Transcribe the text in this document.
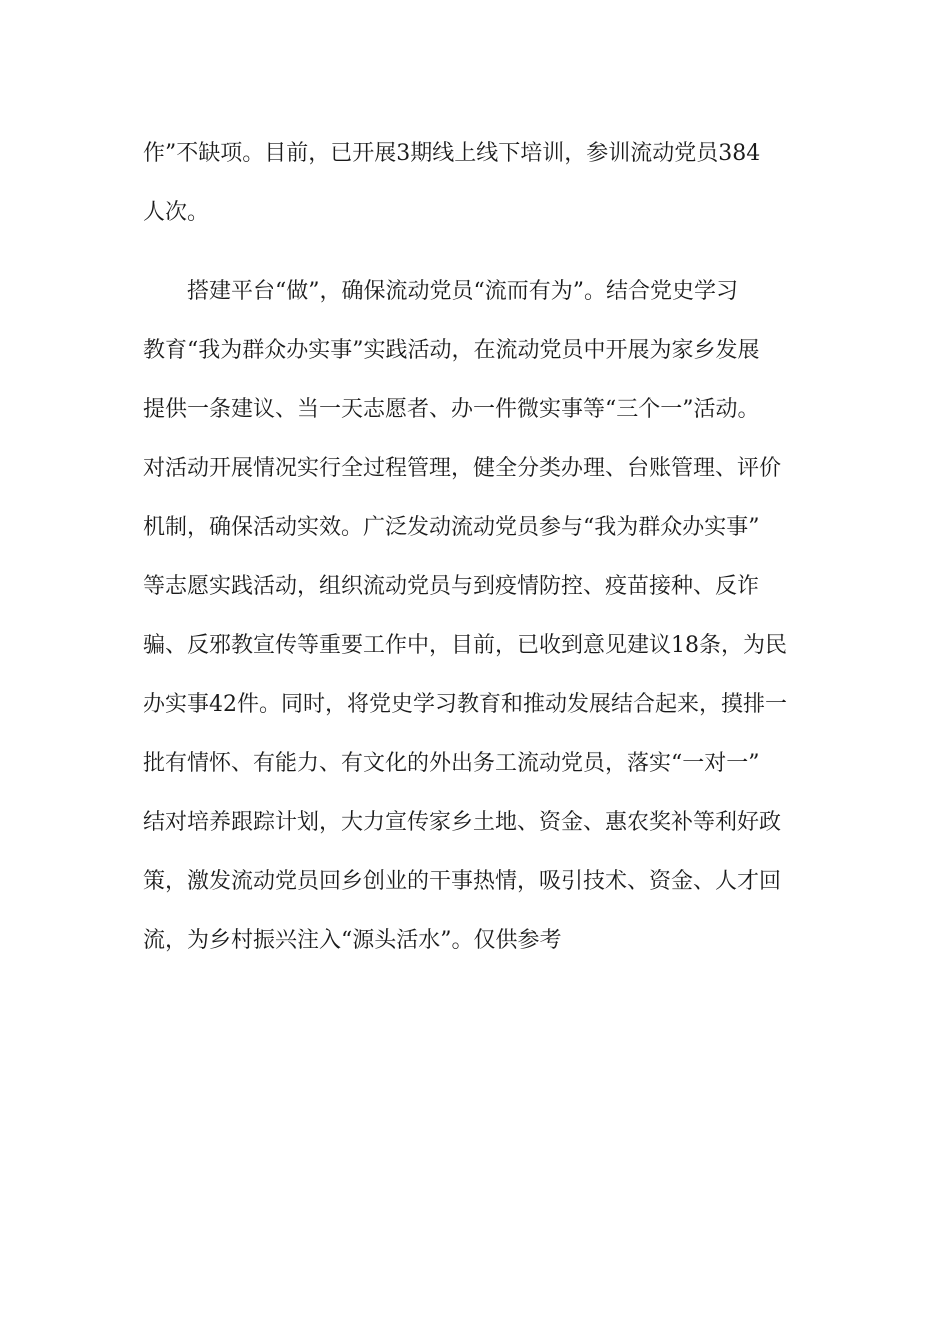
作”不缺项。目前，已开展3期线上线下培训，参训流动党员384
人次。
搭建平台“做”，确保流动党员“流而有为”。结合党史学习
教育“我为群众办实事”实践活动，在流动党员中开展为家乡发展
提供一条建议、当一天志愿者、办一件微实事等“三个一”活动。
对活动开展情况实行全过程管理，健全分类办理、台账管理、评价
机制，确保活动实效。广泛发动流动党员参与“我为群众办实事”
等志愿实践活动，组织流动党员与到疫情防控、疫苗接种、反诈
骗、反邪教宣传等重要工作中，目前，已收到意见建议18条，为民
办实事42件。同时，将党史学习教育和推动发展结合起来，摸排一
批有情怀、有能力、有文化的外出务工流动党员，落实“一对一”
结对培养跟踪计划，大力宣传家乡土地、资金、惠农奖补等利好政
策，激发流动党员回乡创业的干事热情，吸引技术、资金、人才回
流，为乡村振兴注入“源头活水”。仅供参考
